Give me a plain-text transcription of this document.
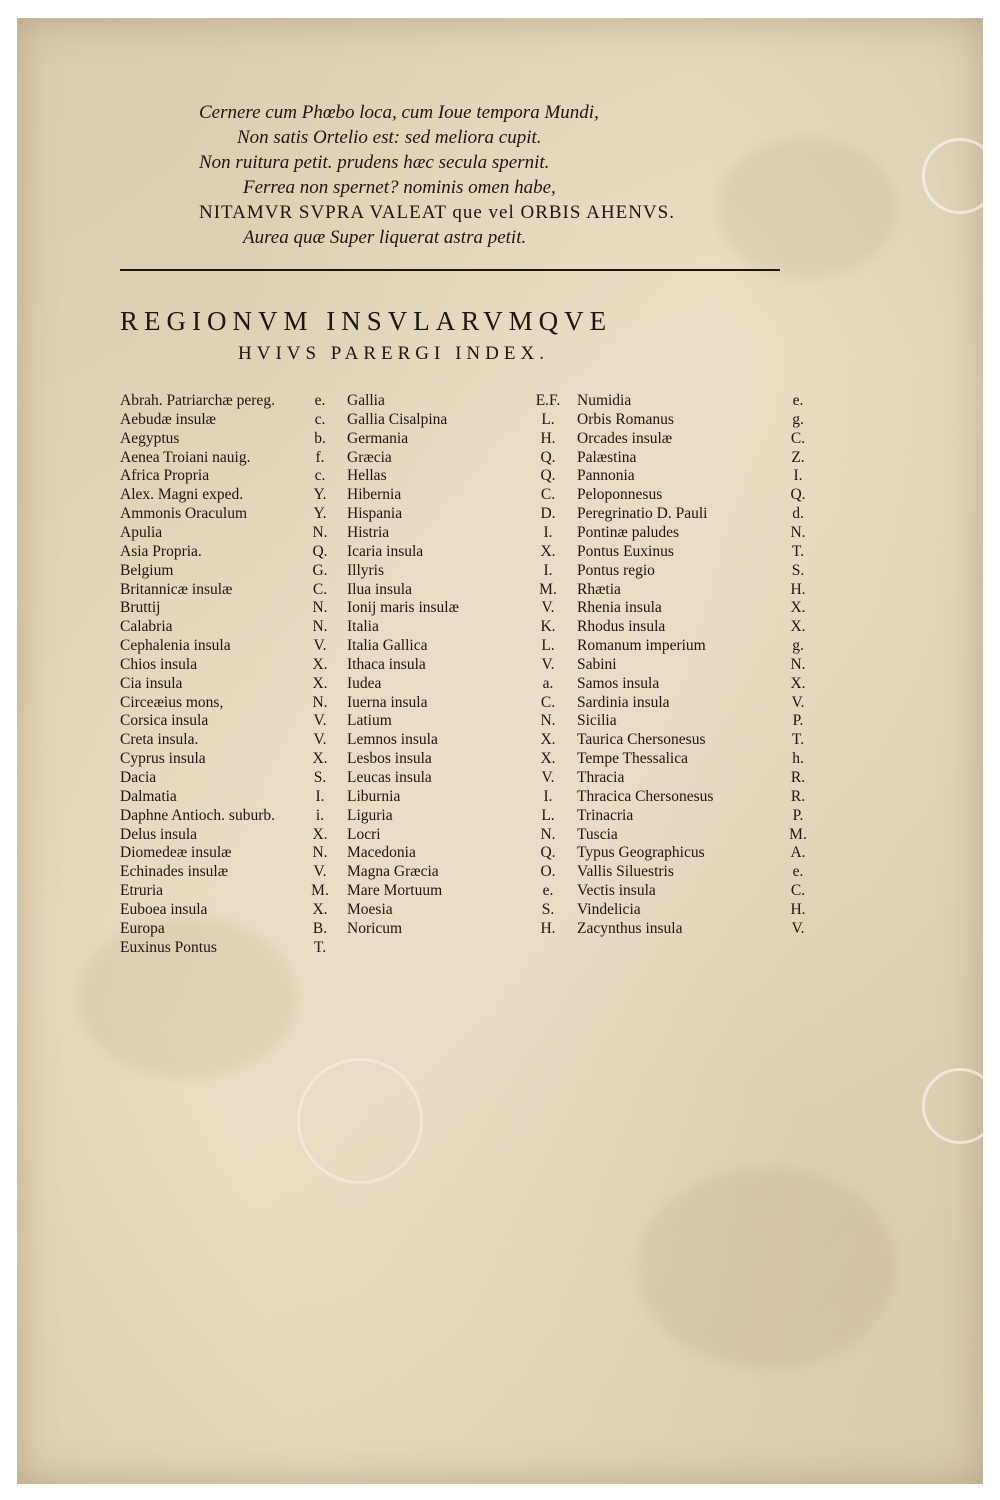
Cernere cum Phœbo loca, cum Ioue tempora Mundi,
Non satis Ortelio est: sed meliora cupit.
Non ruitura petit. prudens hæc secula spernit.
Ferrea non spernet? nominis omen habe,
NITAMVR SVPRA VALEAT que vel ORBIS AHENVS.
Aurea quæ Super liquerat astra petit.
REGIONVM INSVLARVMQVE
HVIVS PARERGI INDEX.
Abrah. Patriarchæ pereg.	e.
Aebudæ insulæ	c.
Aegyptus	b.
Aenea Troiani nauig.	f.
Africa Propria	c.
Alex. Magni exped.	Y.
Ammonis Oraculum	Y.
Apulia	N.
Asia Propria.	Q.
Belgium	G.
Britannicæ insulæ	C.
Bruttij	N.
Calabria	N.
Cephalenia insula	V.
Chios insula	X.
Cia insula	X.
Circeæius mons,	N.
Corsica insula	V.
Creta insula.	V.
Cyprus insula	X.
Dacia	S.
Dalmatia	I.
Daphne Antioch. suburb.	i.
Delus insula	X.
Diomedeæ insulæ	N.
Echinades insulæ	V.
Etruria	M.
Euboea insula	X.
Europa	B.
Euxinus Pontus	T.
Gallia	E.F.
Gallia Cisalpina	L.
Germania	H.
Græcia	Q.
Hellas	Q.
Hibernia	C.
Hispania	D.
Histria	I.
Icaria insula	X.
Illyris	I.
Ilua insula	M.
Ionij maris insulæ	V.
Italia	K.
Italia Gallica	L.
Ithaca insula	V.
Iudea	a.
Iuerna insula	C.
Latium	N.
Lemnos insula	X.
Lesbos insula	X.
Leucas insula	V.
Liburnia	I.
Liguria	L.
Locri	N.
Macedonia	Q.
Magna Græcia	O.
Mare Mortuum	e.
Moesia	S.
Noricum	H.
Numidia	e.
Orbis Romanus	g.
Orcades insulæ	C.
Palæstina	Z.
Pannonia	I.
Peloponnesus	Q.
Peregrinatio D. Pauli	d.
Pontinæ paludes	N.
Pontus Euxinus	T.
Pontus regio	S.
Rhætia	H.
Rhenia insula	X.
Rhodus insula	X.
Romanum imperium	g.
Sabini	N.
Samos insula	X.
Sardinia insula	V.
Sicilia	P.
Taurica Chersonesus	T.
Tempe Thessalica	h.
Thracia	R.
Thracica Chersonesus	R.
Trinacria	P.
Tuscia	M.
Typus Geographicus	A.
Vallis Siluestris	e.
Vectis insula	C.
Vindelicia	H.
Zacynthus insula	V.
